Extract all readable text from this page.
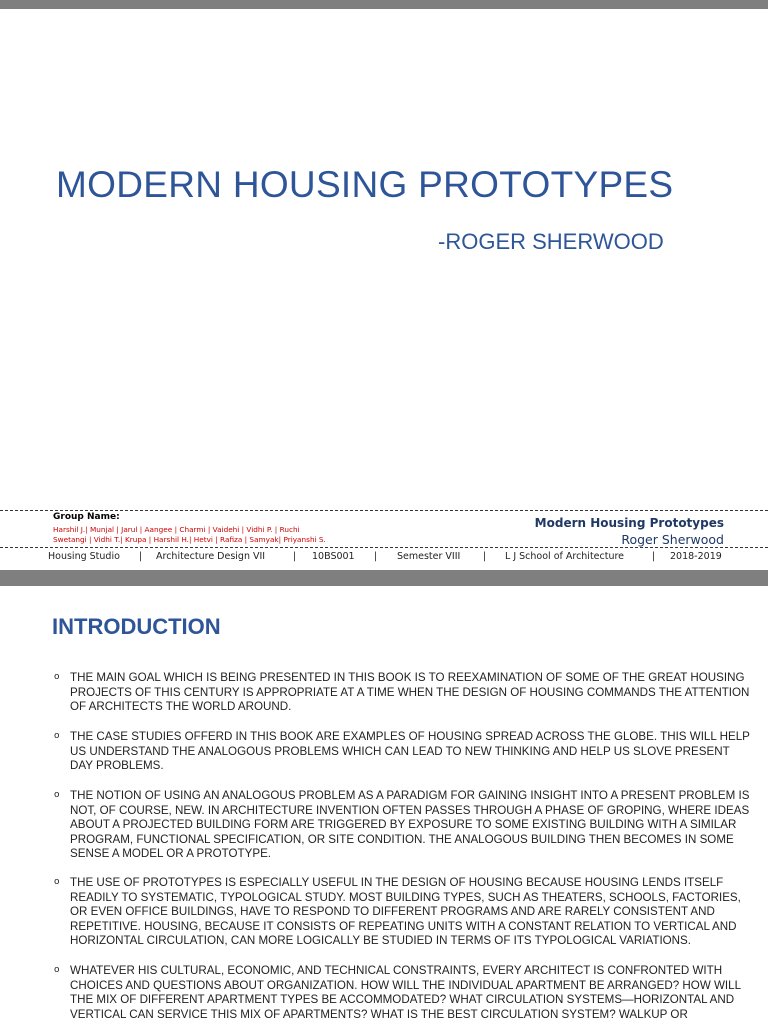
MODERN HOUSING PROTOTYPES
-ROGER SHERWOOD
Group Name:
Harshil J.| Munjal | Jarul | Aangee | Charmi | Vaidehi | Vidhi P. | Ruchi
Swetangi | Vidhi T.| Krupa | Harshil H.| Hetvi | Rafiza | Samyak| Priyanshi S.
Modern Housing Prototypes
Roger Sherwood
Housing Studio | Architecture Design VII	| 10BS001 | Semester VIII | L J School of Architecture	| 2018-2019
INTRODUCTION
o THE MAIN GOAL WHICH IS BEING PRESENTED IN THIS BOOK IS TO REEXAMINATION OF SOME OF THE GREAT HOUSING PROJECTS OF THIS CENTURY IS APPROPRIATE AT A TIME WHEN THE DESIGN OF HOUSING COMMANDS THE ATTENTION OF ARCHITECTS THE WORLD AROUND.
o THE CASE STUDIES OFFERD IN THIS BOOK ARE EXAMPLES OF HOUSING SPREAD ACROSS THE GLOBE. THIS WILL HELP US UNDERSTAND THE ANALOGOUS PROBLEMS WHICH CAN LEAD TO NEW THINKING AND HELP US SLOVE PRESENT DAY PROBLEMS.
o THE NOTION OF USING AN ANALOGOUS PROBLEM AS A PARADIGM FOR GAINING INSIGHT INTO A PRESENT PROBLEM IS NOT, OF COURSE, NEW. IN ARCHITECTURE INVENTION OFTEN PASSES THROUGH A PHASE OF GROPING, WHERE IDEAS ABOUT A PROJECTED BUILDING FORM ARE TRIGGERED BY EXPOSURE TO SOME EXISTING BUILDING WITH A SIMILAR PROGRAM, FUNCTIONAL SPECIFICATION, OR SITE CONDITION. THE ANALOGOUS BUILDING THEN BECOMES IN SOME SENSE A MODEL OR A PROTOTYPE.
o THE USE OF PROTOTYPES IS ESPECIALLY USEFUL IN THE DESIGN OF HOUSING BECAUSE HOUSING LENDS ITSELF READILY TO SYSTEMATIC, TYPOLOGICAL STUDY. MOST BUILDING TYPES, SUCH AS THEATERS, SCHOOLS, FACTORIES, OR EVEN OFFICE BUILDINGS, HAVE TO RESPOND TO DIFFERENT PROGRAMS AND ARE RARELY CONSISTENT AND REPETITIVE. HOUSING, BECAUSE IT CONSISTS OF REPEATING UNITS WITH A CONSTANT RELATION TO VERTICAL AND HORIZONTAL CIRCULATION, CAN MORE LOGICALLY BE STUDIED IN TERMS OF ITS TYPOLOGICAL VARIATIONS.
o WHATEVER HIS CULTURAL, ECONOMIC, AND TECHNICAL CONSTRAINTS, EVERY ARCHITECT IS CONFRONTED WITH CHOICES AND QUESTIONS ABOUT ORGANIZATION. HOW WILL THE INDIVIDUAL APARTMENT BE ARRANGED? HOW WILL THE MIX OF DIFFERENT APARTMENT TYPES BE ACCOMMODATED? WHAT CIRCULATION SYSTEMS—HORIZONTAL AND VERTICAL CAN SERVICE THIS MIX OF APARTMENTS? WHAT IS THE BEST CIRCULATION SYSTEM? WALKUP OR
